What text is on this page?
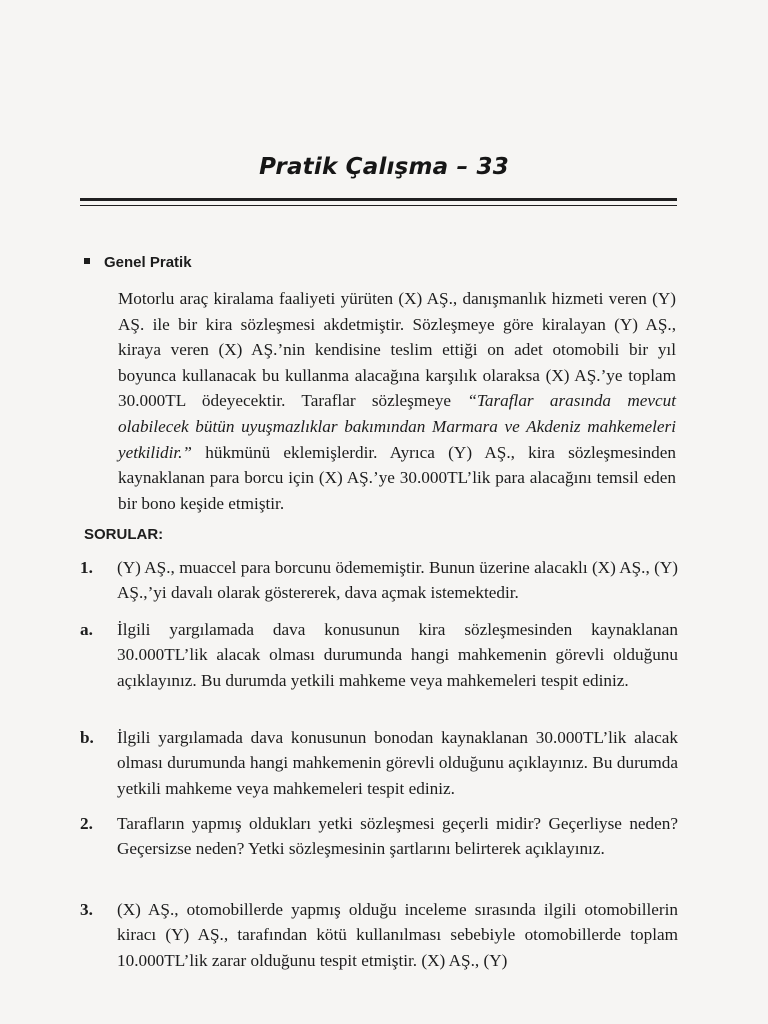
Pratik Çalışma – 33
Genel Pratik
Motorlu araç kiralama faaliyeti yürüten (X) AŞ., danışmanlık hizmeti veren (Y) AŞ. ile bir kira sözleşmesi akdetmiştir. Sözleşmeye göre kiralayan (Y) AŞ., kiraya veren (X) AŞ.’nin kendisine teslim ettiği on adet otomobili bir yıl boyunca kullanacak bu kullanma alacağına karşılık olaraksa (X) AŞ.’ye toplam 30.000TL ödeyecektir. Taraflar sözleşmeye “Taraflar arasında mevcut olabilecek bütün uyuşmazlıklar bakımından Marmara ve Akdeniz mahkemeleri yetkilidir.” hükmünü eklemişlerdir. Ayrıca (Y) AŞ., kira sözleşmesinden kaynaklanan para borcu için (X) AŞ.’ye 30.000TL’lik para alacağını temsil eden bir bono keşide etmiştir.
SORULAR:
1. (Y) AŞ., muaccel para borcunu ödememiştir. Bunun üzerine alacaklı (X) AŞ., (Y) AŞ.,’yi davalı olarak göstererek, dava açmak istemektedir.
a. İlgili yargılamada dava konusunun kira sözleşmesinden kaynaklanan 30.000TL’lik alacak olması durumunda hangi mahkemenin görevli olduğunu açıklayınız. Bu durumda yetkili mahkeme veya mahkemeleri tespit ediniz.
b. İlgili yargılamada dava konusunun bonodan kaynaklanan 30.000TL’lik alacak olması durumunda hangi mahkemenin görevli olduğunu açıklayınız. Bu durumda yetkili mahkeme veya mahkemeleri tespit ediniz.
2. Tarafların yapmış oldukları yetki sözleşmesi geçerli midir? Geçerliyse neden? Geçersizse neden? Yetki sözleşmesinin şartlarını belirterek açıklayınız.
3. (X) AŞ., otomobillerde yapmış olduğu inceleme sırasında ilgili otomobillerin kiracı (Y) AŞ., tarafından kötü kullanılması sebebiyle otomobillerde toplam 10.000TL’lik zarar olduğunu tespit etmiştir. (X) AŞ., (Y)
